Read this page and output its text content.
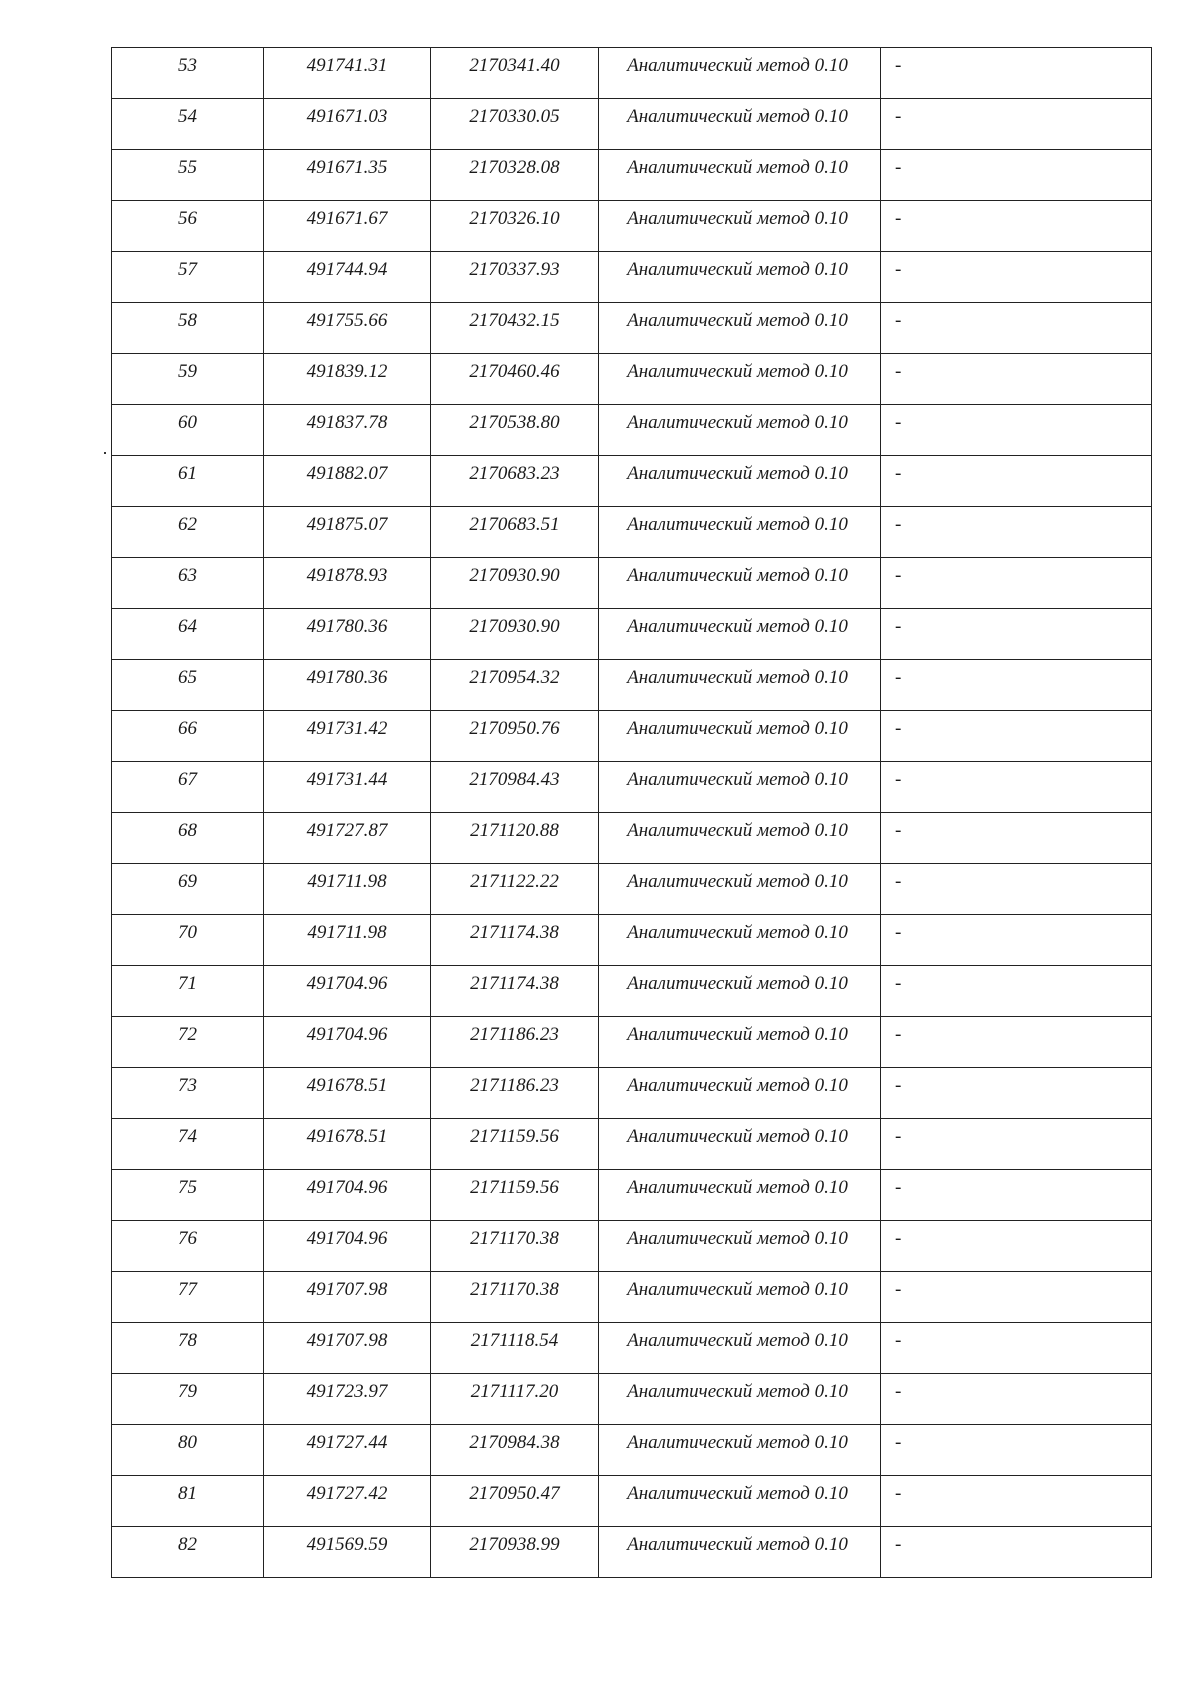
53	491741.31	2170341.40	Аналитический метод 0.10	-

54	491671.03	2170330.05	Аналитический метод 0.10	-

55	491671.35	2170328.08	Аналитический метод 0.10	-

56	491671.67	2170326.10	Аналитический метод 0.10	-

57	491744.94	2170337.93	Аналитический метод 0.10	-

58	491755.66	2170432.15	Аналитический метод 0.10	-

59	491839.12	2170460.46	Аналитический метод 0.10	-

60	491837.78	2170538.80	Аналитический метод 0.10	-

61	491882.07	2170683.23	Аналитический метод 0.10	-

62	491875.07	2170683.51	Аналитический метод 0.10	-

63	491878.93	2170930.90	Аналитический метод 0.10	-

64	491780.36	2170930.90	Аналитический метод 0.10	-

65	491780.36	2170954.32	Аналитический метод 0.10	-

66	491731.42	2170950.76	Аналитический метод 0.10	-

67	491731.44	2170984.43	Аналитический метод 0.10	-

68	491727.87	2171120.88	Аналитический метод 0.10	-

69	491711.98	2171122.22	Аналитический метод 0.10	-

70	491711.98	2171174.38	Аналитический метод 0.10	-

71	491704.96	2171174.38	Аналитический метод 0.10	-

72	491704.96	2171186.23	Аналитический метод 0.10	-

73	491678.51	2171186.23	Аналитический метод 0.10	-

74	491678.51	2171159.56	Аналитический метод 0.10	-

75	491704.96	2171159.56	Аналитический метод 0.10	-

76	491704.96	2171170.38	Аналитический метод 0.10	-

77	491707.98	2171170.38	Аналитический метод 0.10	-

78	491707.98	2171118.54	Аналитический метод 0.10	-

79	491723.97	2171117.20	Аналитический метод 0.10	-

80	491727.44	2170984.38	Аналитический метод 0.10	-

81	491727.42	2170950.47	Аналитический метод 0.10	-

82	491569.59	2170938.99	Аналитический метод 0.10	-
